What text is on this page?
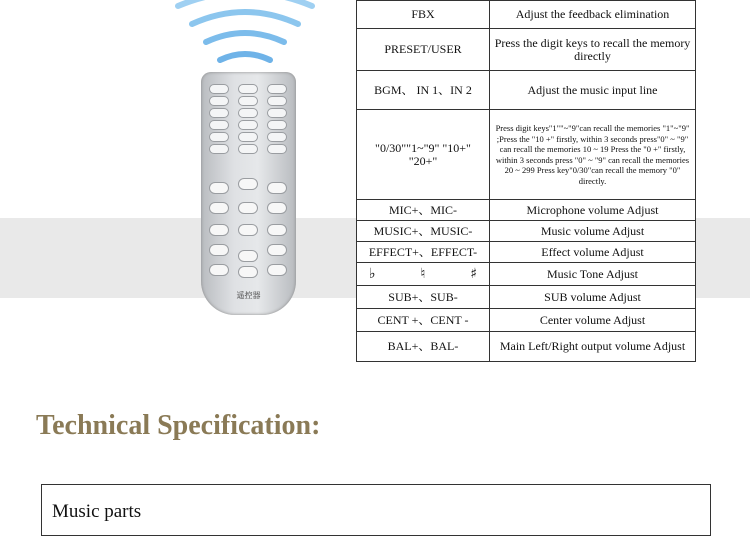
遥控器
FBX	Adjust the feedback elimination
PRESET/USER	Press the digit keys to recall the memory directly
BGM、 IN 1、IN 2	Adjust the music input line
"0/30""1~"9" "10+" "20+"	Press digit keys"1""~"9"can recall the memories "1"~"9" ;Press the "10 +" firstly, within 3 seconds press"0" ~ "9" can recall the memories 10 ~ 19 Press the "0 +" firstly, within 3 seconds press "0" ~ "9" can recall the memories 20 ~ 299 Press key"0/30"can recall the memory "0" directly.
MIC+、MIC-	Microphone volume Adjust
MUSIC+、MUSIC-	Music volume Adjust
EFFECT+、EFFECT-	Effect volume Adjust

♭ ♮ ♯	Music Tone Adjust
SUB+、SUB-	SUB volume Adjust
CENT +、CENT -	Center volume Adjust
BAL+、BAL-	Main Left/Right output volume Adjust
Technical Specification:
Music parts
